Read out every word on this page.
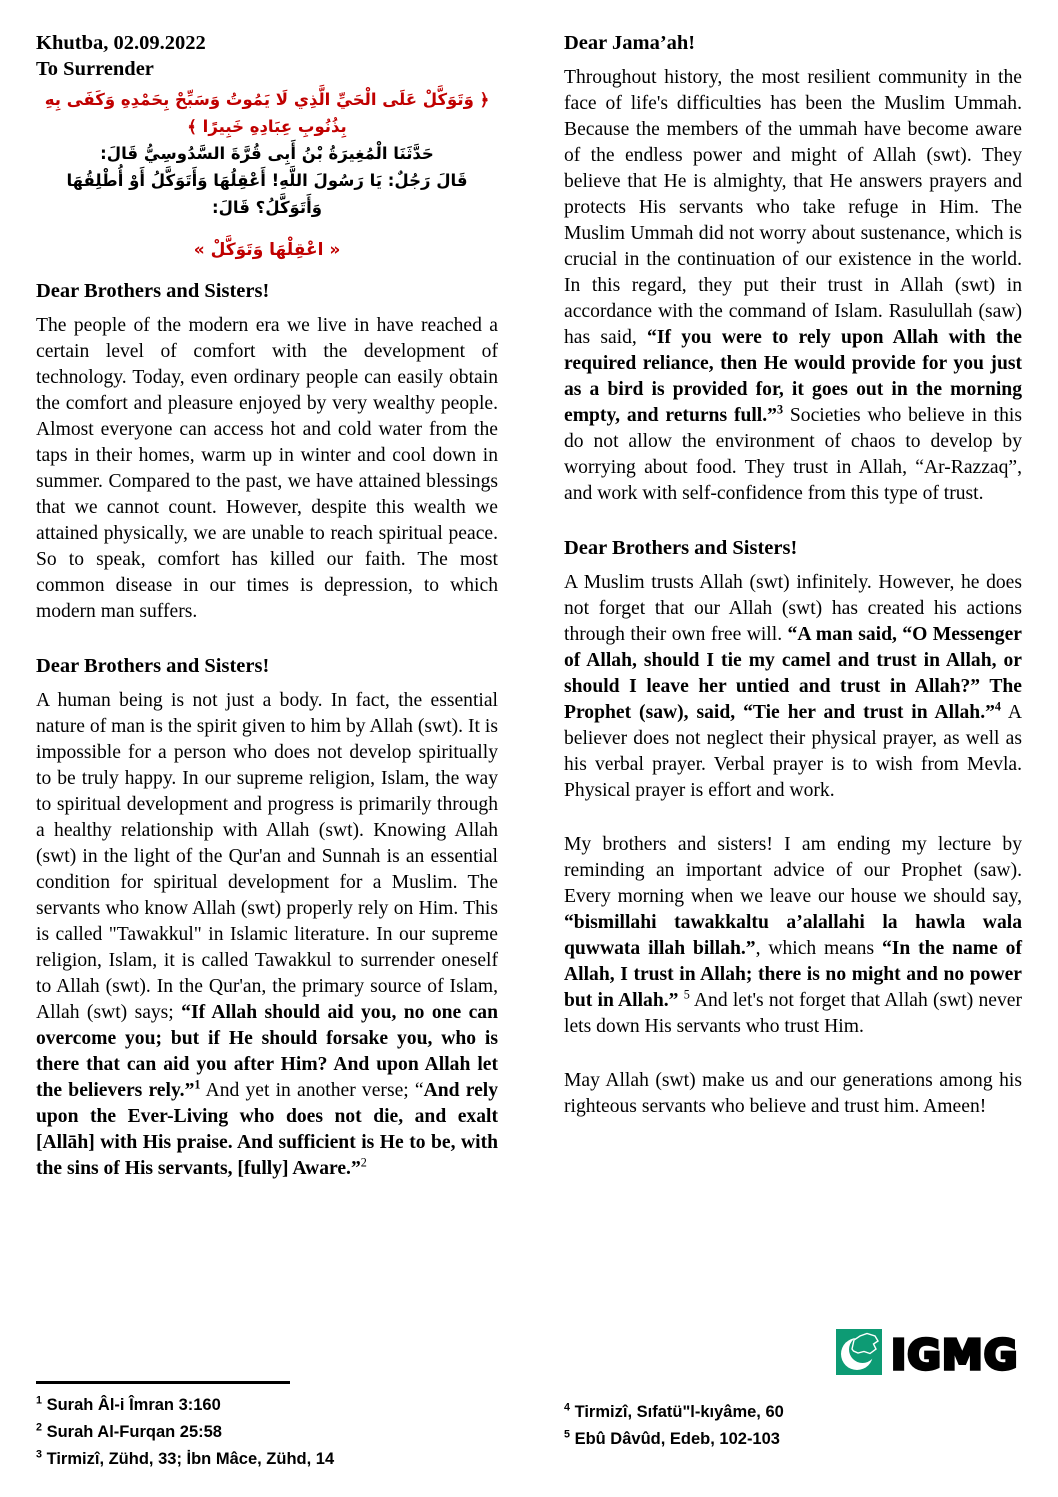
Khutba, 02.09.2022
To Surrender
﴿ وَتَوَكَّلْ عَلَى الْحَيِّ الَّذِي لَا يَمُوتُ وَسَبِّحْ بِحَمْدِهِ وَكَفَى بِهِ بِذُنُوبِ عِبَادِهِ خَبِيرًا ﴾
حَدَّثَنَا الْمُغِيرَةُ بْنُ أَبِى قُرَّةَ السَّدُوسِيُّ قَالَ:
قَالَ رَجُلٌ: يَا رَسُولَ اللَّهِ! أَعْقِلُهَا وَأَتَوَكَّلُ أَوْ أُطْلِقُهَا وَأَتَوَكَّلُ؟ قَالَ:
« اعْقِلْهَا وَتَوَكَّلْ »
Dear Brothers and Sisters!

The people of the modern era we live in have reached a certain level of comfort with the development of technology. Today, even ordinary people can easily obtain the comfort and pleasure enjoyed by very wealthy people. Almost everyone can access hot and cold water from the taps in their homes, warm up in winter and cool down in summer. Compared to the past, we have attained blessings that we cannot count. However, despite this wealth we attained physically, we are unable to reach spiritual peace. So to speak, comfort has killed our faith. The most common disease in our times is depression, to which modern man suffers.

Dear Brothers and Sisters!

A human being is not just a body. In fact, the essential nature of man is the spirit given to him by Allah (swt). It is impossible for a person who does not develop spiritually to be truly happy. In our supreme religion, Islam, the way to spiritual development and progress is primarily through a healthy relationship with Allah (swt). Knowing Allah (swt) in the light of the Qur'an and Sunnah is an essential condition for spiritual development for a Muslim. The servants who know Allah (swt) properly rely on Him. This is called "Tawakkul" in Islamic literature. In our supreme religion, Islam, it is called Tawakkul to surrender oneself to Allah (swt). In the Qur'an, the primary source of Islam, Allah (swt) says; “If Allah should aid you, no one can overcome you; but if He should forsake you, who is there that can aid you after Him? And upon Allah let the believers rely.”$^1$ And yet in another verse; “And rely upon the Ever-Living who does not die, and exalt [Allāh] with His praise. And sufficient is He to be, with the sins of His servants, [fully] Aware.”$^2$

Dear Jama’ah!

Throughout history, the most resilient community in the face of life's difficulties has been the Muslim Ummah. Because the members of the ummah have become aware of the endless power and might of Allah (swt). They believe that He is almighty, that He answers prayers and protects His servants who take refuge in Him. The Muslim Ummah did not worry about sustenance, which is crucial in the continuation of our existence in the world. In this regard, they put their trust in Allah (swt) in accordance with the command of Islam. Rasulullah (saw) has said, “If you were to rely upon Allah with the required reliance, then He would provide for you just as a bird is provided for, it goes out in the morning empty, and returns full.”$^3$ Societies who believe in this do not allow the environment of chaos to develop by worrying about food. They trust in Allah, “Ar-Razzaq”, and work with self-confidence from this type of trust.

Dear Brothers and Sisters!

A Muslim trusts Allah (swt) infinitely. However, he does not forget that our Allah (swt) has created his actions through their own free will. “A man said, “O Messenger of Allah, should I tie my camel and trust in Allah, or should I leave her untied and trust in Allah?” The Prophet (saw), said, “Tie her and trust in Allah.”$^4$ A believer does not neglect their physical prayer, as well as his verbal prayer. Verbal prayer is to wish from Mevla. Physical prayer is effort and work.

My brothers and sisters! I am ending my lecture by reminding an important advice of our Prophet (saw). Every morning when we leave our house we should say, “bismillahi tawakkaltu a’alallahi la hawla wala quwwata illah billah.”, which means “In the name of Allah, I trust in Allah; there is no might and no power but in Allah.” $^5$ And let's not forget that Allah (swt) never lets down His servants who trust Him.

May Allah (swt) make us and our generations among his righteous servants who believe and trust him. Ameen!

IGMG
$^1$ Surah Âl-i Îmran 3:160
$^2$ Surah Al-Furqan 25:58
$^3$ Tirmizî, Zühd, 33; İbn Mâce, Zühd, 14
$^4$ Tirmizî, Sıfatü"l-kıyâme, 60
$^5$ Ebû Dâvûd, Edeb, 102-103
